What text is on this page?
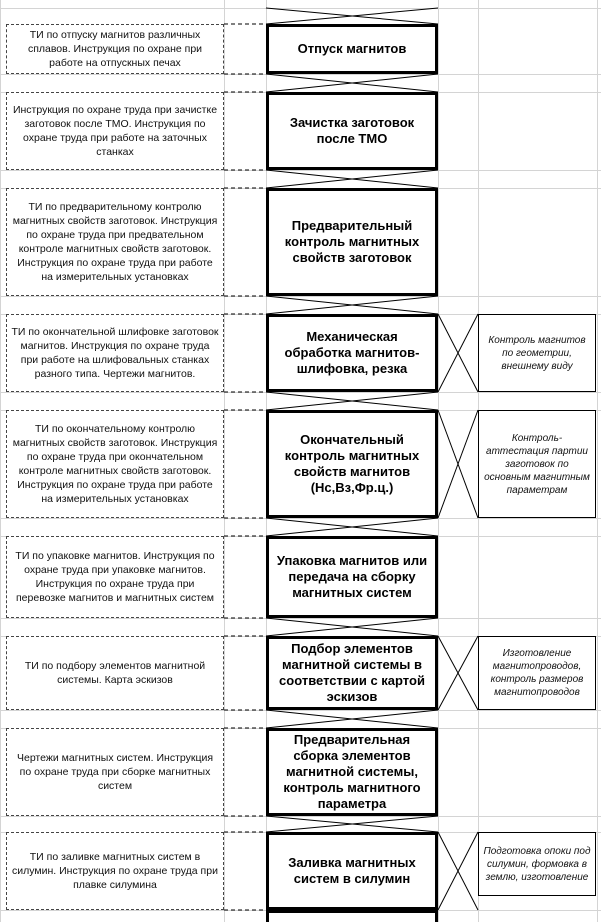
ТИ по отпуску магнитов различных сплавов. Инструкция по охране при работе на отпускных печах
Отпуск магнитов
Инструкция по охране труда при зачистке заготовок после ТМО. Инструкция по охране труда при работе на заточных станках
Зачистка заготовок после ТМО
ТИ по предварительному контролю магнитных свойств заготовок. Инструкция по охране труда при предвательном контроле магнитных свойств заготовок. Инструкция по охране труда при работе на измерительных установках
Предварительный контроль магнитных свойств заготовок
ТИ по окончательной шлифовке заготовок магнитов. Инструкция по охране труда при работе на шлифовальных станках разного типа. Чертежи магнитов.
Механическая обработка магнитов-шлифовка, резка
Контроль магнитов по геометрии, внешнему виду
ТИ по окончательному контролю магнитных свойств заготовок. Инструкция по охране труда при окончательном контроле магнитных свойств заготовок. Инструкция по охране труда при работе на измерительных установках
Окончательный контроль магнитных свойств магнитов (Нс,Вз,Фр.ц.)
Контроль-аттестация партии заготовок по основным магнитным параметрам
ТИ по упаковке магнитов. Инструкция по охране труда при упаковке магнитов. Инструкция по охране труда при перевозке магнитов и магнитных систем
Упаковка магнитов или передача на сборку магнитных систем
ТИ по подбору элементов магнитной системы. Карта эскизов
Подбор элементов магнитной системы в соответствии с картой эскизов
Изготовление магнитопроводов, контроль размеров магнитопроводов
Чертежи магнитных систем. Инструкция по охране труда при сборке магнитных систем
Предварительная сборка элементов магнитной системы, контроль магнитного параметра
ТИ по заливке магнитных систем в силумин. Инструкция по охране труда при плавке силумина
Заливка магнитных систем в силумин
Подготовка опоки под силумин, формовка в землю, изготовление
